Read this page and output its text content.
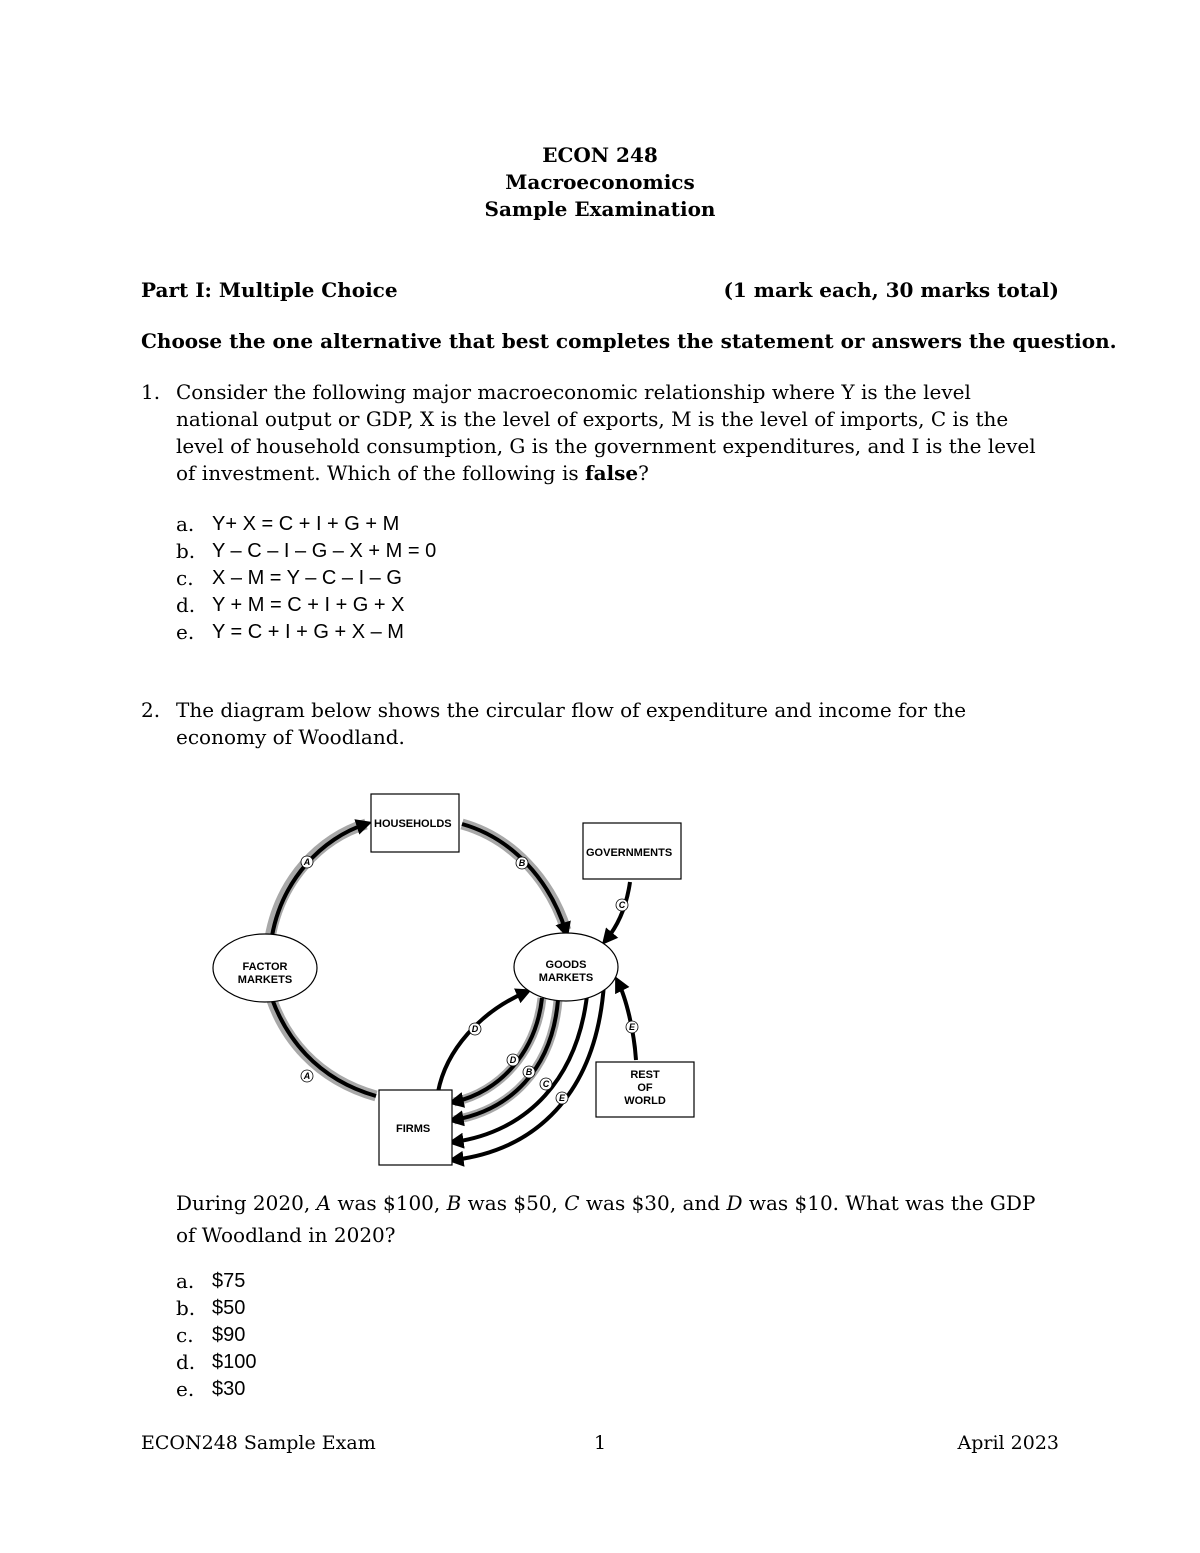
ECON 248
Macroeconomics
Sample Examination
Part I: Multiple Choice	(1 mark each, 30 marks total)
Choose the one alternative that best completes the statement or answers the question.
1. Consider the following major macroeconomic relationship where Y is the level national output or GDP, X is the level of exports, M is the level of imports, C is the level of household consumption, G is the government expenditures, and I is the level of investment. Which of the following is false?
a. Y+ X = C + I + G + M
b. Y – C – I – G – X + M = 0
c. X – M = Y – C – I – G
d. Y + M = C + I + G + X
e. Y = C + I + G + X – M
2. The diagram below shows the circular flow of expenditure and income for the economy of Woodland.
HOUSEHOLDS
GOVERNMENTS
FIRMS
REST
OF
WORLD
FACTOR
MARKETS
GOODS
MARKETS
A
A
B
C
E
D
D
B
C
E
During 2020, A was $100, B was $50, C was $30, and D was $10. What was the GDP of Woodland in 2020?
a. $75
b. $50
c. $90
d. $100
e. $30
ECON248 Sample Exam	1	April 2023
